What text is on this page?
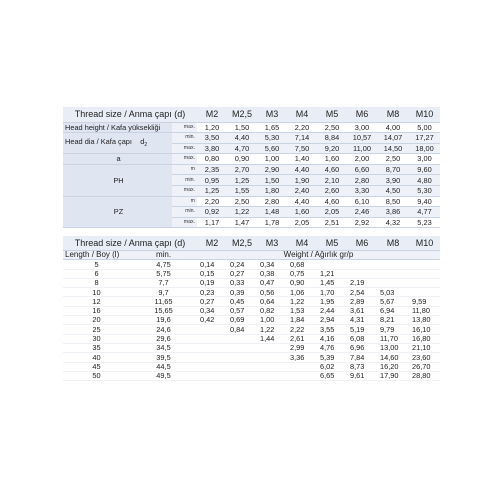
Thread size / Anma çapı (d)		M2	M2,5	M3	M4	M5	M6	M8	M10
Head height / Kafa yüksekliği	max.	1,20	1,50	1,65	2,20	2,50	3,00	4,00	5,00
Head dia / Kafa çapı $d_2$	min.	3,50	4,40	5,30	7,14	8,84	10,57	14,07	17,27
	max.	3,80	4,70	5,60	7,50	9,20	11,00	14,50	18,00
a	max.	0,80	0,90	1,00	1,40	1,60	2,00	2,50	3,00
PH	m	2,35	2,70	2,90	4,40	4,60	6,60	8,70	9,60
	min.	0,95	1,25	1,50	1,90	2,10	2,80	3,90	4,80
	max.	1,25	1,55	1,80	2,40	2,60	3,30	4,50	5,30
PZ	m	2,20	2,50	2,80	4,40	4,60	6,10	8,50	9,40
	min.	0,92	1,22	1,48	1,60	2,05	2,46	3,86	4,77
	max.	1,17	1,47	1,78	2,05	2,51	2,92	4,32	5,23
Thread size / Anma çapı (d)		M2	M2,5	M3	M4	M5	M6	M8	M10
Length / Boy (l)	min.	Weight / Ağırlık gr/p							
5	4,75	0,14	0,24	0,34	0,68				
6	5,75	0,15	0,27	0,38	0,75	1,21			
8	7,7	0,19	0,33	0,47	0,90	1,45	2,19		
10	9,7	0,23	0,39	0,56	1,06	1,70	2,54	5,03	
12	11,65	0,27	0,45	0,64	1,22	1,95	2,89	5,67	9,59
16	15,65	0,34	0,57	0,82	1,53	2,44	3,61	6,94	11,80
20	19,6	0,42	0,69	1,00	1,84	2,94	4,31	8,21	13,80
25	24,6		0,84	1,22	2,22	3,55	5,19	9,79	16,10
30	29,6			1,44	2,61	4,16	6,08	11,70	16,80
35	34,5				2,99	4,76	6,96	13,00	21,10
40	39,5				3,36	5,39	7,84	14,60	23,60
45	44,5					6,02	8,73	16,20	26,70
50	49,5					6,65	9,61	17,90	28,80
